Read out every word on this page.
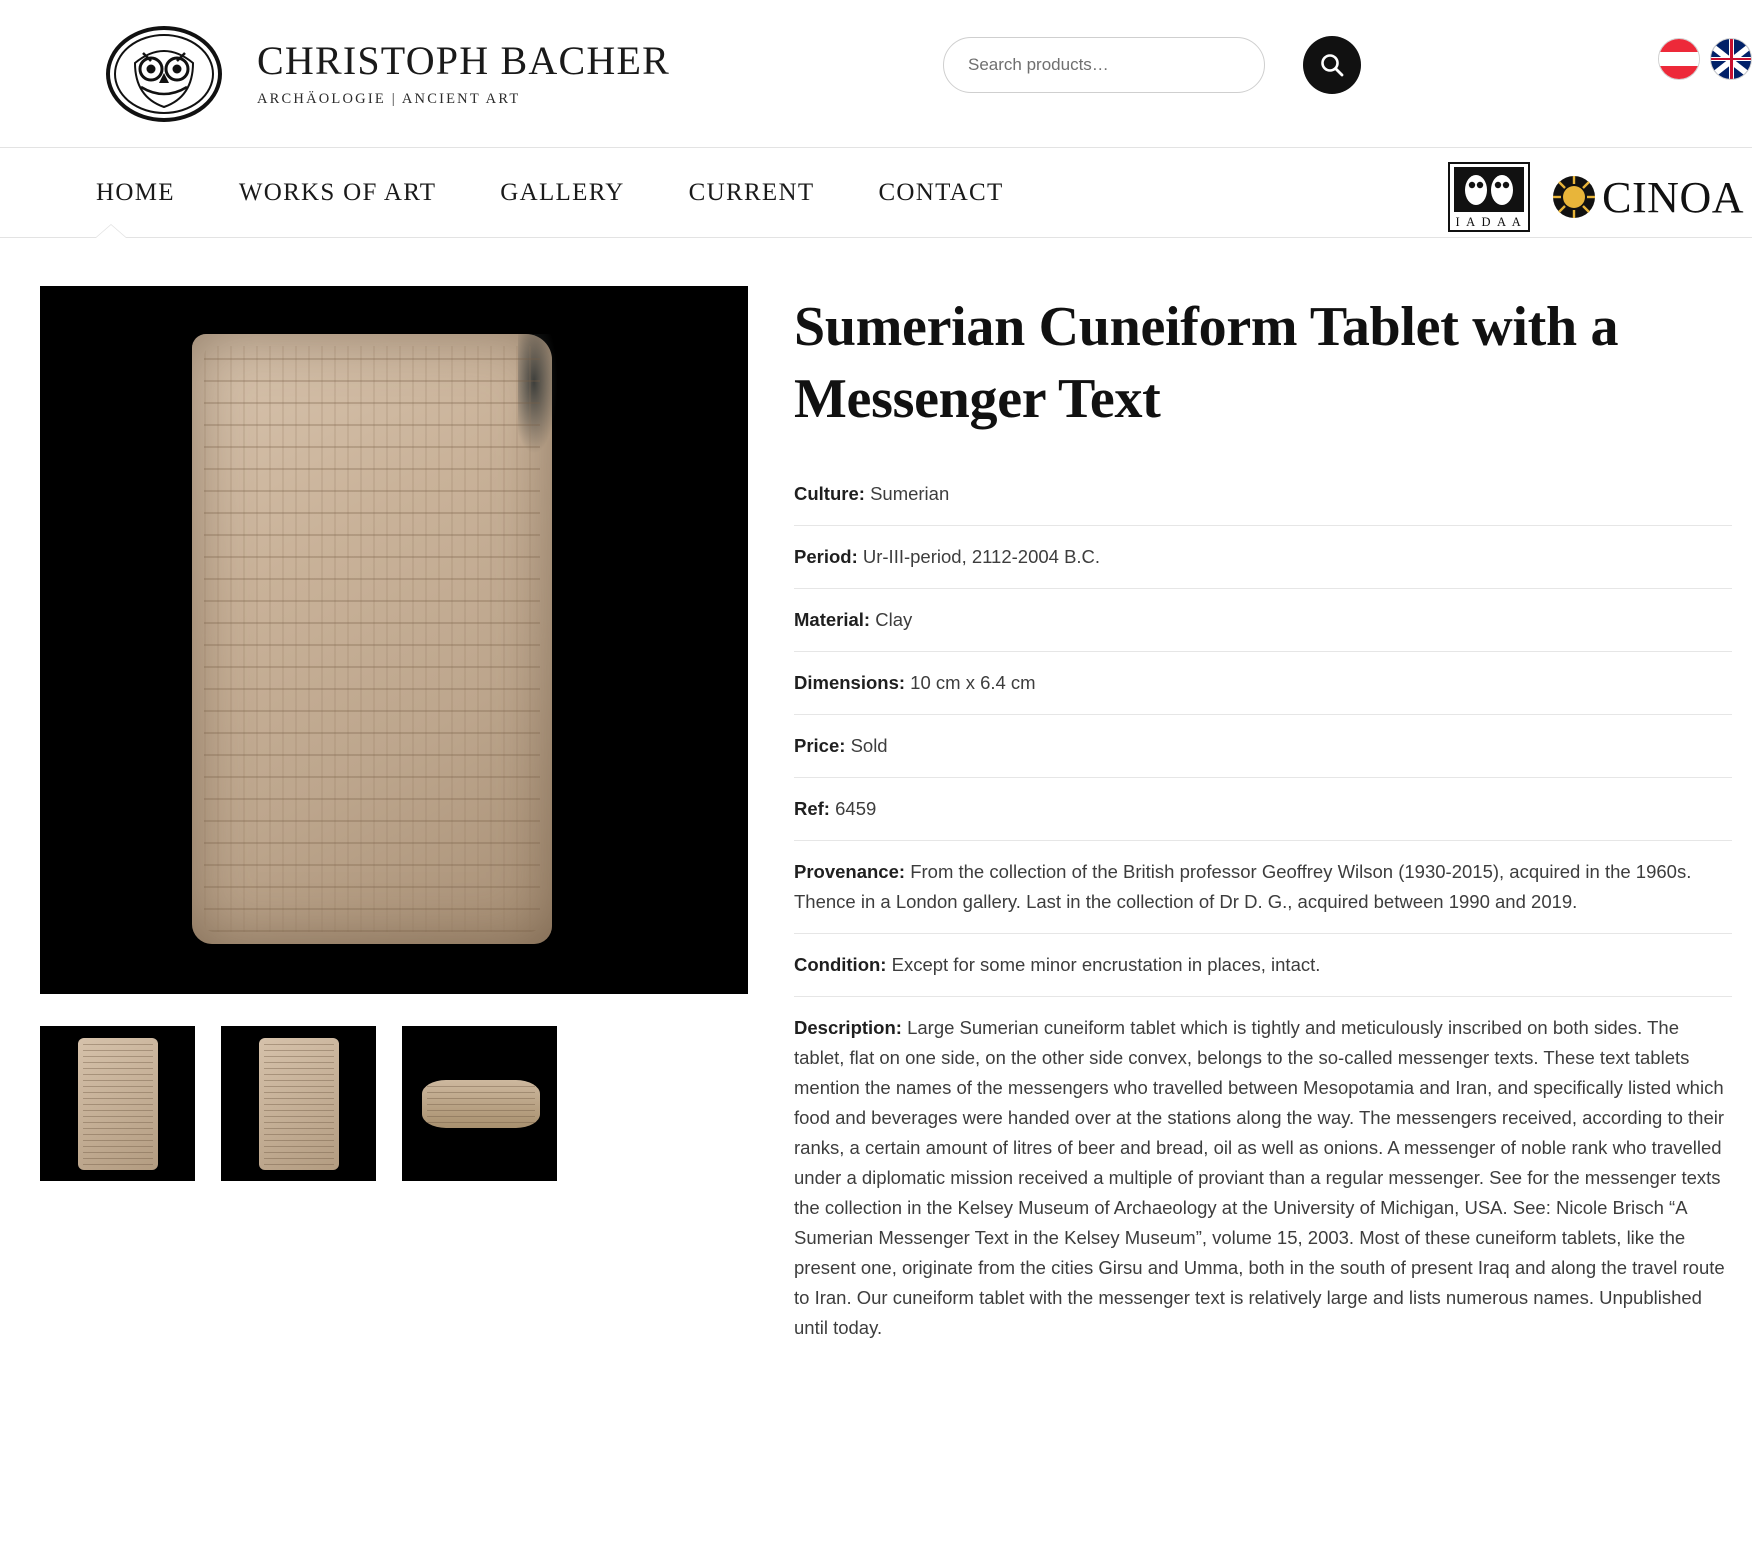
CHRISTOPH BACHER
ARCHÄOLOGIE | ANCIENT ART
Search products…
HOME	WORKS OF ART	GALLERY	CURRENT	CONTACT
I A D A A
CINOA
Sumerian Cuneiform Tablet with a Messenger Text
Culture: Sumerian
Period: Ur-III-period, 2112-2004 B.C.
Material: Clay
Dimensions: 10 cm x 6.4 cm
Price: Sold
Ref: 6459
Provenance: From the collection of the British professor Geoffrey Wilson (1930-2015), acquired in the 1960s. Thence in a London gallery. Last in the collection of Dr D. G., acquired between 1990 and 2019.
Condition: Except for some minor encrustation in places, intact.
Description: Large Sumerian cuneiform tablet which is tightly and meticulously inscribed on both sides. The tablet, flat on one side, on the other side convex, belongs to the so-called messenger texts. These text tablets mention the names of the messengers who travelled between Mesopotamia and Iran, and specifically listed which food and beverages were handed over at the stations along the way. The messengers received, according to their ranks, a certain amount of litres of beer and bread, oil as well as onions. A messenger of noble rank who travelled under a diplomatic mission received a multiple of proviant than a regular messenger. See for the messenger texts the collection in the Kelsey Museum of Archaeology at the University of Michigan, USA. See: Nicole Brisch “A Sumerian Messenger Text in the Kelsey Museum”, volume 15, 2003. Most of these cuneiform tablets, like the present one, originate from the cities Girsu and Umma, both in the south of present Iraq and along the travel route to Iran. Our cuneiform tablet with the messenger text is relatively large and lists numerous names. Unpublished until today.
